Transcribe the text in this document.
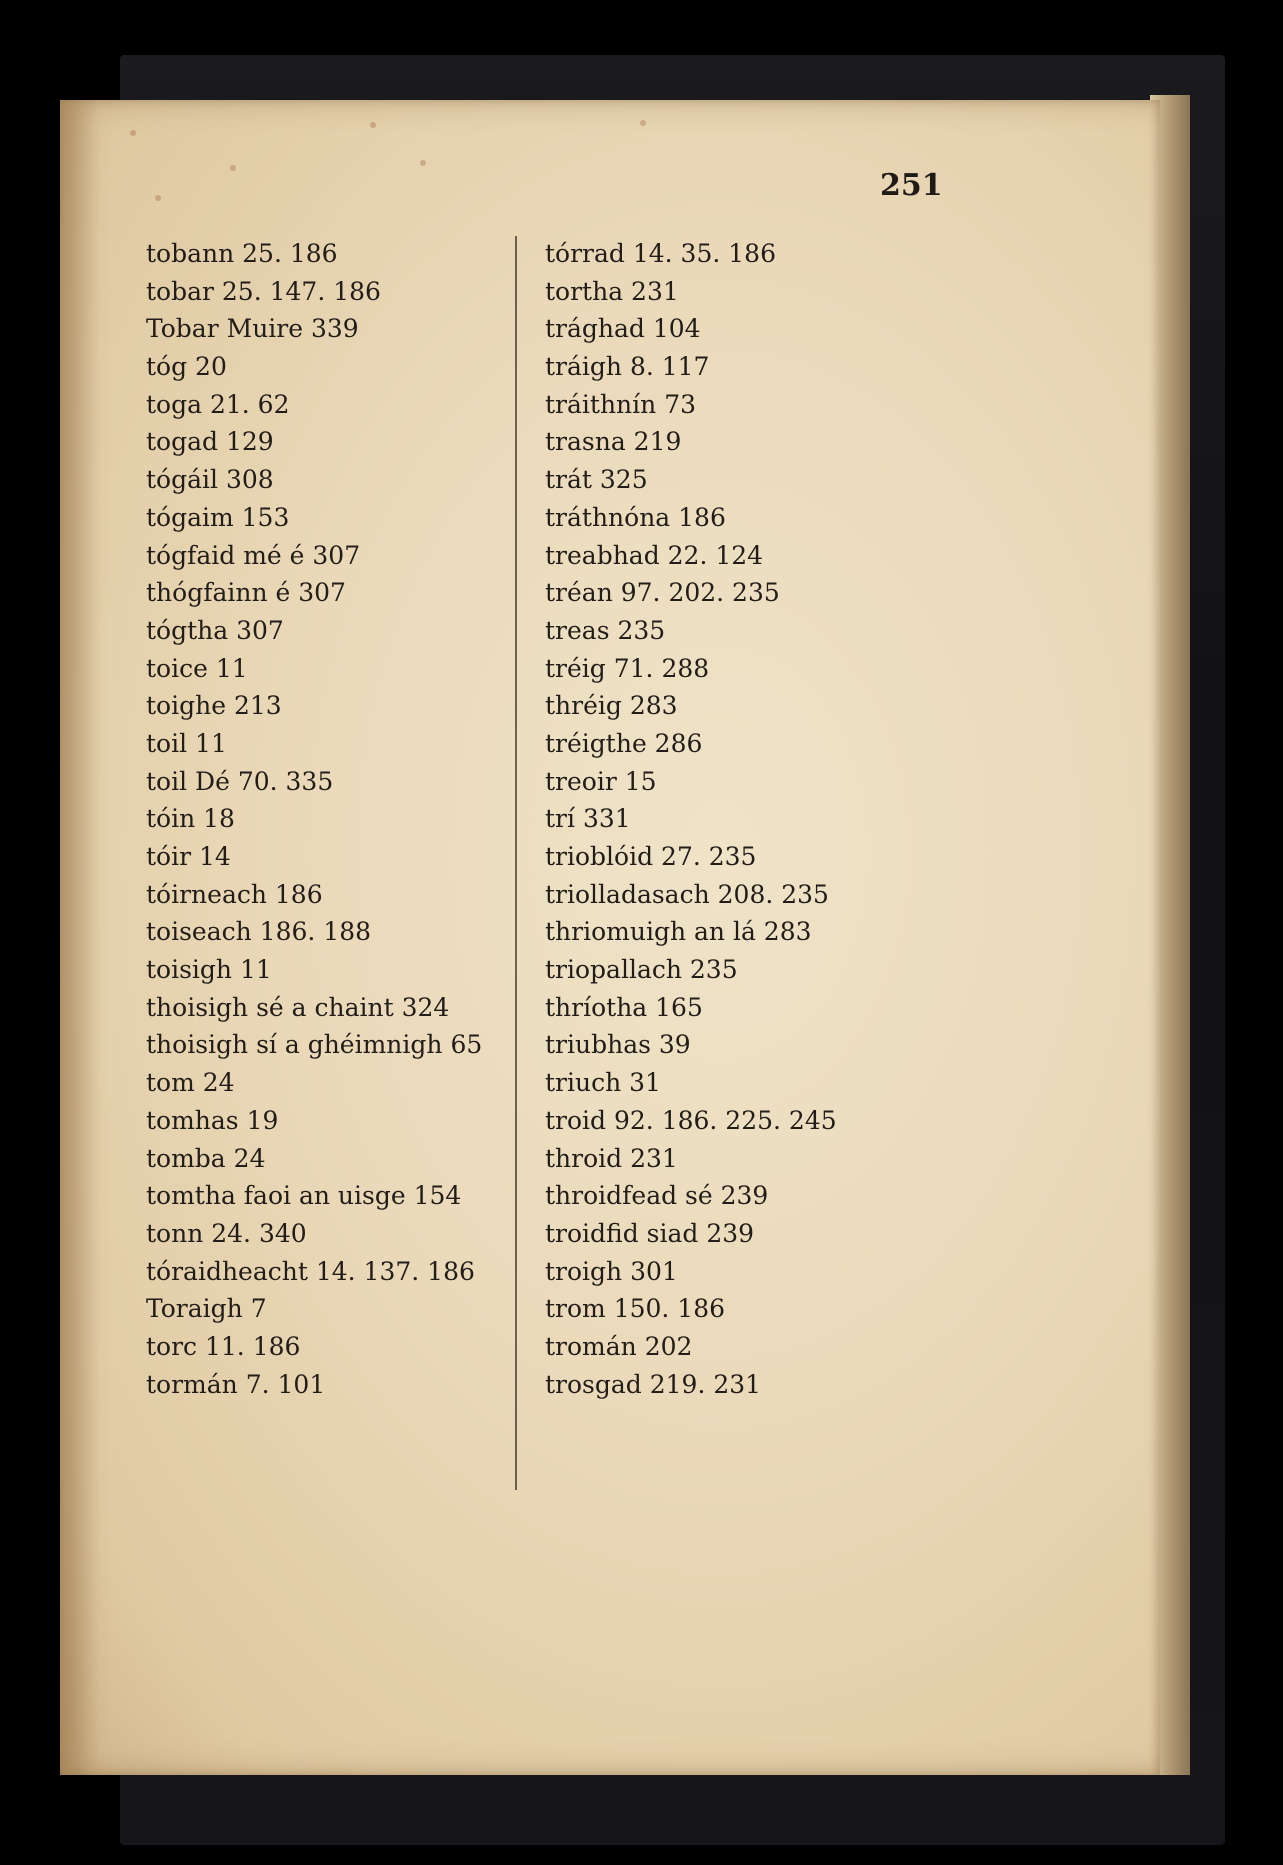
251
tobann 25. 186
tobar 25. 147. 186
Tobar Muire 339
tóg 20
toga 21. 62
togad 129
tógáil 308
tógaim 153
tógfaid mé é 307
thógfainn é 307
tógtha 307
toice 11
toighe 213
toil 11
toil Dé 70. 335
tóin 18
tóir 14
tóirneach 186
toiseach 186. 188
toisigh 11
thoisigh sé a chaint 324
thoisigh sí a ghéimnigh 65
tom 24
tomhas 19
tomba 24
tomtha faoi an uisge 154
tonn 24. 340
tóraidheacht 14. 137. 186
Toraigh 7
torc 11. 186
tormán 7. 101
tórrad 14. 35. 186
tortha 231
trághad 104
tráigh 8. 117
tráithnín 73
trasna 219
trát 325
tráthnóna 186
treabhad 22. 124
tréan 97. 202. 235
treas 235
tréig 71. 288
thréig 283
tréigthe 286
treoir 15
trí 331
trioblóid 27. 235
triolladasach 208. 235
thriomuigh an lá 283
triopallach 235
thríotha 165
triubhas 39
triuch 31
troid 92. 186. 225. 245
throid 231
throidfead sé 239
troidfid siad 239
troigh 301
trom 150. 186
tromán 202
trosgad 219. 231
